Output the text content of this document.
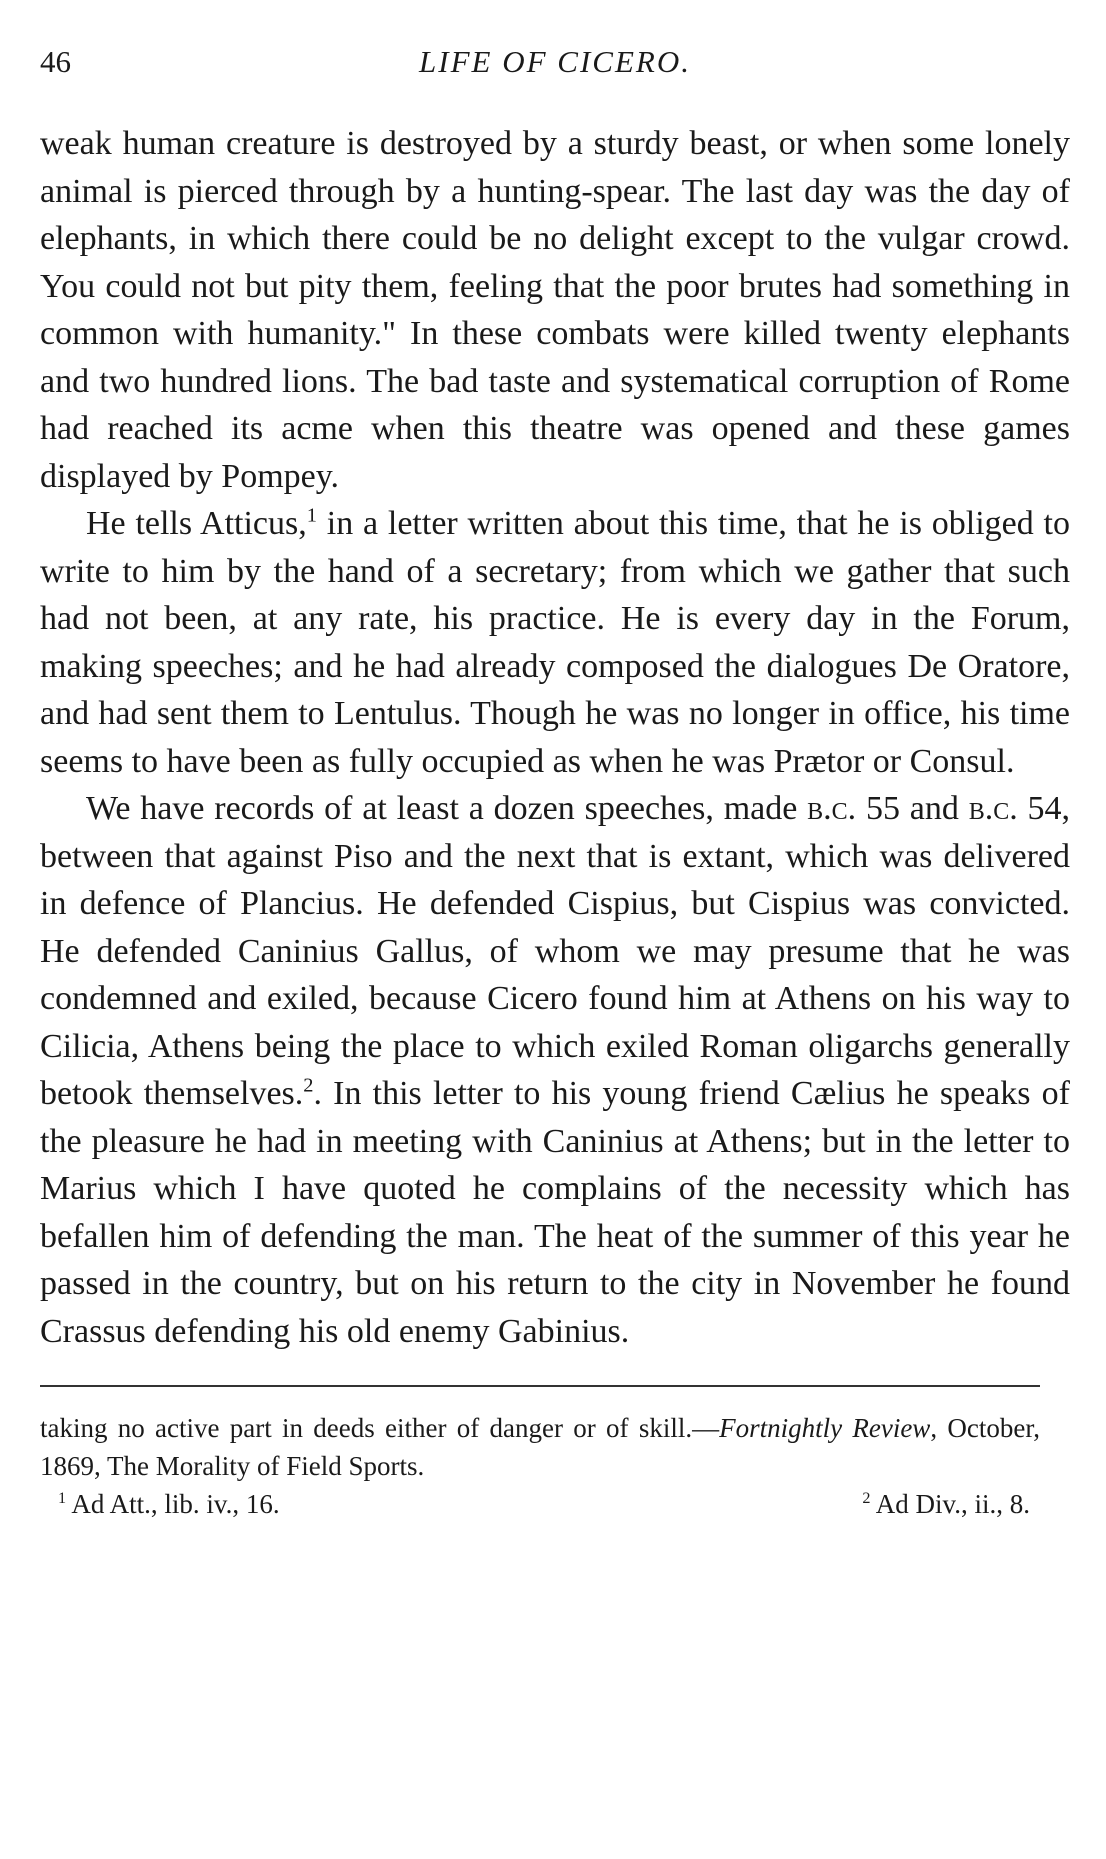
46	LIFE OF CICERO.

weak human creature is destroyed by a sturdy beast, or when some lonely animal is pierced through by a hunting-spear. The last day was the day of elephants, in which there could be no delight except to the vulgar crowd. You could not but pity them, feeling that the poor brutes had something in common with humanity." In these combats were killed twenty elephants and two hundred lions. The bad taste and systematical corruption of Rome had reached its acme when this theatre was opened and these games displayed by Pompey.

He tells Atticus,$^1$ in a letter written about this time, that he is obliged to write to him by the hand of a secretary; from which we gather that such had not been, at any rate, his practice. He is every day in the Forum, making speeches; and he had already composed the dialogues De Oratore, and had sent them to Lentulus. Though he was no longer in office, his time seems to have been as fully occupied as when he was Prætor or Consul.

We have records of at least a dozen speeches, made b.c. 55 and b.c. 54, between that against Piso and the next that is extant, which was delivered in defence of Plancius. He defended Cispius, but Cispius was convicted. He defended Caninius Gallus, of whom we may presume that he was condemned and exiled, because Cicero found him at Athens on his way to Cilicia, Athens being the place to which exiled Roman oligarchs generally betook themselves.$^2$. In this letter to his young friend Cælius he speaks of the pleasure he had in meeting with Caninius at Athens; but in the letter to Marius which I have quoted he complains of the necessity which has befallen him of defending the man. The heat of the summer of this year he passed in the country, but on his return to the city in November he found Crassus defending his old enemy Gabinius.

taking no active part in deeds either of danger or of skill.—Fortnightly Review, October, 1869, The Morality of Field Sports.

$^1$ Ad Att., lib. iv., 16.	$^2$ Ad Div., ii., 8.
